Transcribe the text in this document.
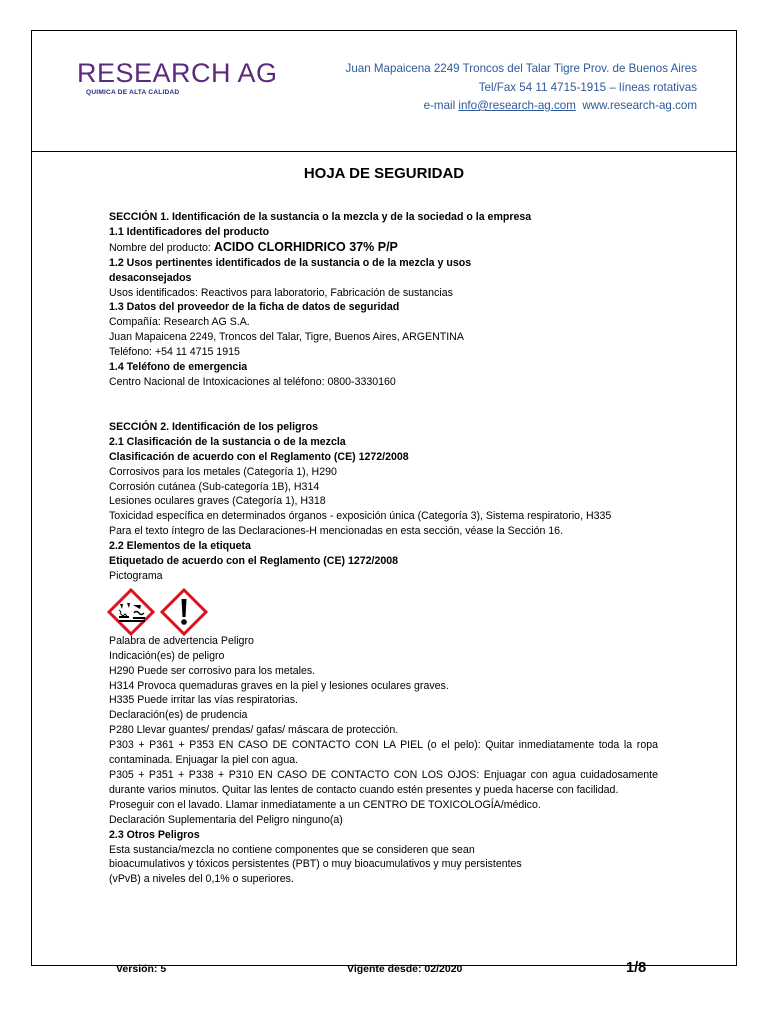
RESEARCH AG
QUIMICA DE ALTA CALIDAD
Juan Mapaicena 2249 Troncos del Talar Tigre Prov. de Buenos Aires
Tel/Fax 54 11 4715-1915 – líneas rotativas
e-mail info@research-ag.com www.research-ag.com
HOJA DE SEGURIDAD

SECCIÓN 1. Identificación de la sustancia o la mezcla y de la sociedad o la empresa

1.1 Identificadores del producto

Nombre del producto: ACIDO CLORHIDRICO 37% P/P

1.2 Usos pertinentes identificados de la sustancia o de la mezcla y usos

desaconsejados

Usos identificados: Reactivos para laboratorio, Fabricación de sustancias

1.3 Datos del proveedor de la ficha de datos de seguridad

Compañía: Research AG S.A.

Juan Mapaicena 2249, Troncos del Talar, Tigre, Buenos Aires, ARGENTINA

Teléfono: +54 11 4715 1915

1.4 Teléfono de emergencia

Centro Nacional de Intoxicaciones al teléfono: 0800-3330160

SECCIÓN 2. Identificación de los peligros

2.1 Clasificación de la sustancia o de la mezcla

Clasificación de acuerdo con el Reglamento (CE) 1272/2008

Corrosivos para los metales (Categoría 1), H290

Corrosión cutánea (Sub-categoría 1B), H314

Lesiones oculares graves (Categoría 1), H318

Toxicidad específica en determinados órganos - exposición única (Categoría 3), Sistema respiratorio, H335

Para el texto íntegro de las Declaraciones-H mencionadas en esta sección, véase la Sección 16.

2.2 Elementos de la etiqueta

Etiquetado de acuerdo con el Reglamento (CE) 1272/2008

Pictograma

Palabra de advertencia Peligro

Indicación(es) de peligro

H290 Puede ser corrosivo para los metales.

H314 Provoca quemaduras graves en la piel y lesiones oculares graves.

H335 Puede irritar las vías respiratorias.

Declaración(es) de prudencia

P280 Llevar guantes/ prendas/ gafas/ máscara de protección.

P303 + P361 + P353 EN CASO DE CONTACTO CON LA PIEL (o el pelo): Quitar inmediatamente toda la ropa contaminada. Enjuagar la piel con agua.

P305 + P351 + P338 + P310 EN CASO DE CONTACTO CON LOS OJOS: Enjuagar con agua cuidadosamente durante varios minutos. Quitar las lentes de contacto cuando estén presentes y pueda hacerse con facilidad.

Proseguir con el lavado. Llamar inmediatamente a un CENTRO DE TOXICOLOGÍA/médico.

Declaración Suplementaria del Peligro ninguno(a)

2.3 Otros Peligros

Esta sustancia/mezcla no contiene componentes que se consideren que sean

bioacumulativos y tóxicos persistentes (PBT) o muy bioacumulativos y muy persistentes

(vPvB) a niveles del 0,1% o superiores.

Versión: 5	Vigente desde: 02/2020	1/8
